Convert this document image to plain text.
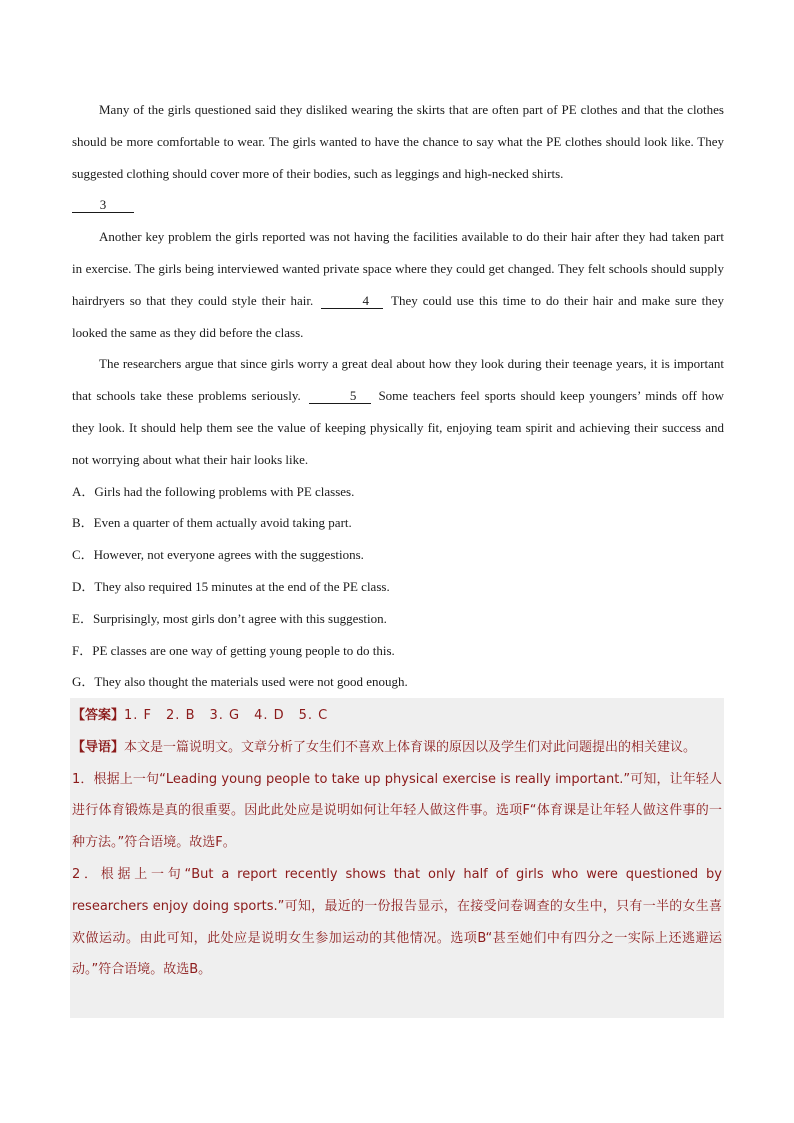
Many of the girls questioned said they disliked wearing the skirts that are often part of PE clothes and that the clothes should be more comfortable to wear. The girls wanted to have the chance to say what the PE clothes should look like. They suggested clothing should cover more of their bodies, such as leggings and high-necked shirts.

3

Another key problem the girls reported was not having the facilities available to do their hair after they had taken part in exercise. The girls being interviewed wanted private space where they could get changed. They felt schools should supply hairdryers so that they could style their hair.	4 They could use this time to do their hair and make sure they looked the same as they did before the class.

The researchers argue that since girls worry a great deal about how they look during their teenage years, it is important that schools take these problems seriously.	5 Some teachers feel sports should keep youngers’ minds off how they look. It should help them see the value of keeping physically fit, enjoying team spirit and achieving their success and not worrying about what their hair looks like.

A．Girls had the following problems with PE classes.
B．Even a quarter of them actually avoid taking part.
C．However, not everyone agrees with the suggestions.
D．They also required 15 minutes at the end of the PE class.
E．Surprisingly, most girls don’t agree with this suggestion.
F．PE classes are one way of getting young people to do this.
G．They also thought the materials used were not good enough.

【答案】1. F　2. B　3. G　4. D　5. C

【导语】本文是一篇说明文。文章分析了女生们不喜欢上体育课的原因以及学生们对此问题提出的相关建议。

1．根据上一句“Leading young people to take up physical exercise is really important.”可知，让年轻人进行体育锻炼是真的很重要。因此此处应是说明如何让年轻人做这件事。选项F“体育课是让年轻人做这件事的一种方法。”符合语境。故选F。

2．根据上一句“But a report recently shows that only half of girls who were questioned by researchers enjoy doing sports.”可知，最近的一份报告显示，在接受问卷调查的女生中，只有一半的女生喜欢做运动。由此可知，此处应是说明女生参加运动的其他情况。选项B“甚至她们中有四分之一实际上还逃避运动。”符合语境。故选B。
